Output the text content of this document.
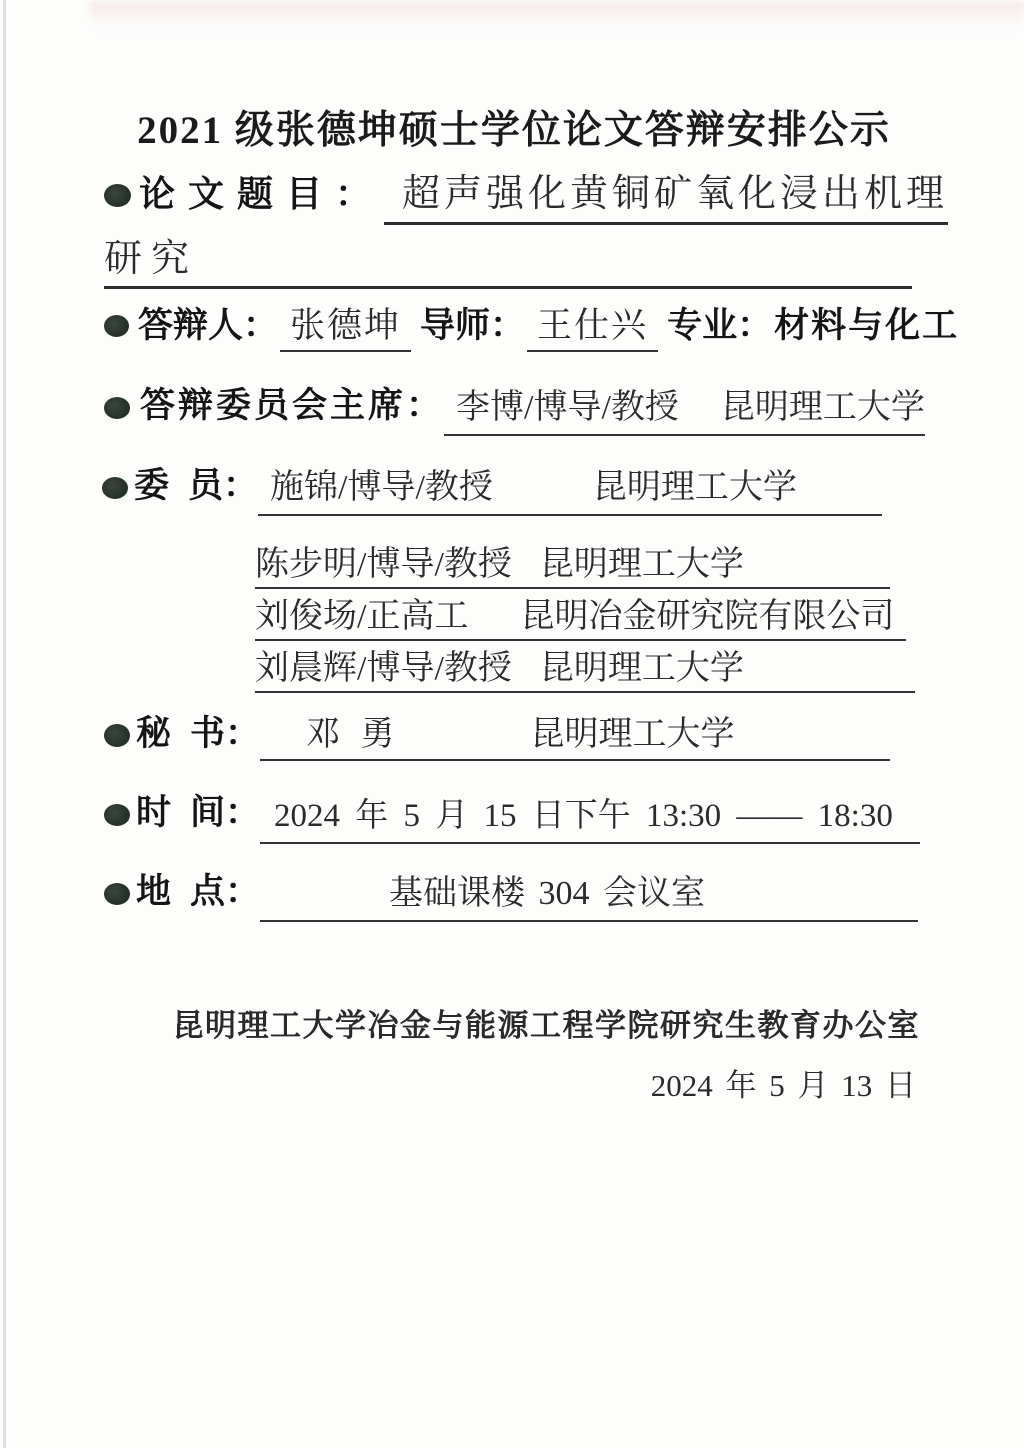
2021 级张德坤硕士学位论文答辩安排公示
论文题目： 超声强化黄铜矿氧化浸出机理
研究
答辩人： 张德坤 导师： 王仕兴 专业： 材料与化工
答辩委员会主席： 李博/博导/教授 昆明理工大学
委 员： 施锦/博导/教授	昆明理工大学
陈步明/博导/教授 昆明理工大学
刘俊场/正高工 昆明冶金研究院有限公司
刘晨辉/博导/教授 昆明理工大学
秘 书：	邓 勇	昆明理工大学
时 间： 2024 年 5 月 15 日下午 13:30 —— 18:30
地 点：	基础课楼 304 会议室
昆明理工大学冶金与能源工程学院研究生教育办公室
2024 年 5 月 13 日
